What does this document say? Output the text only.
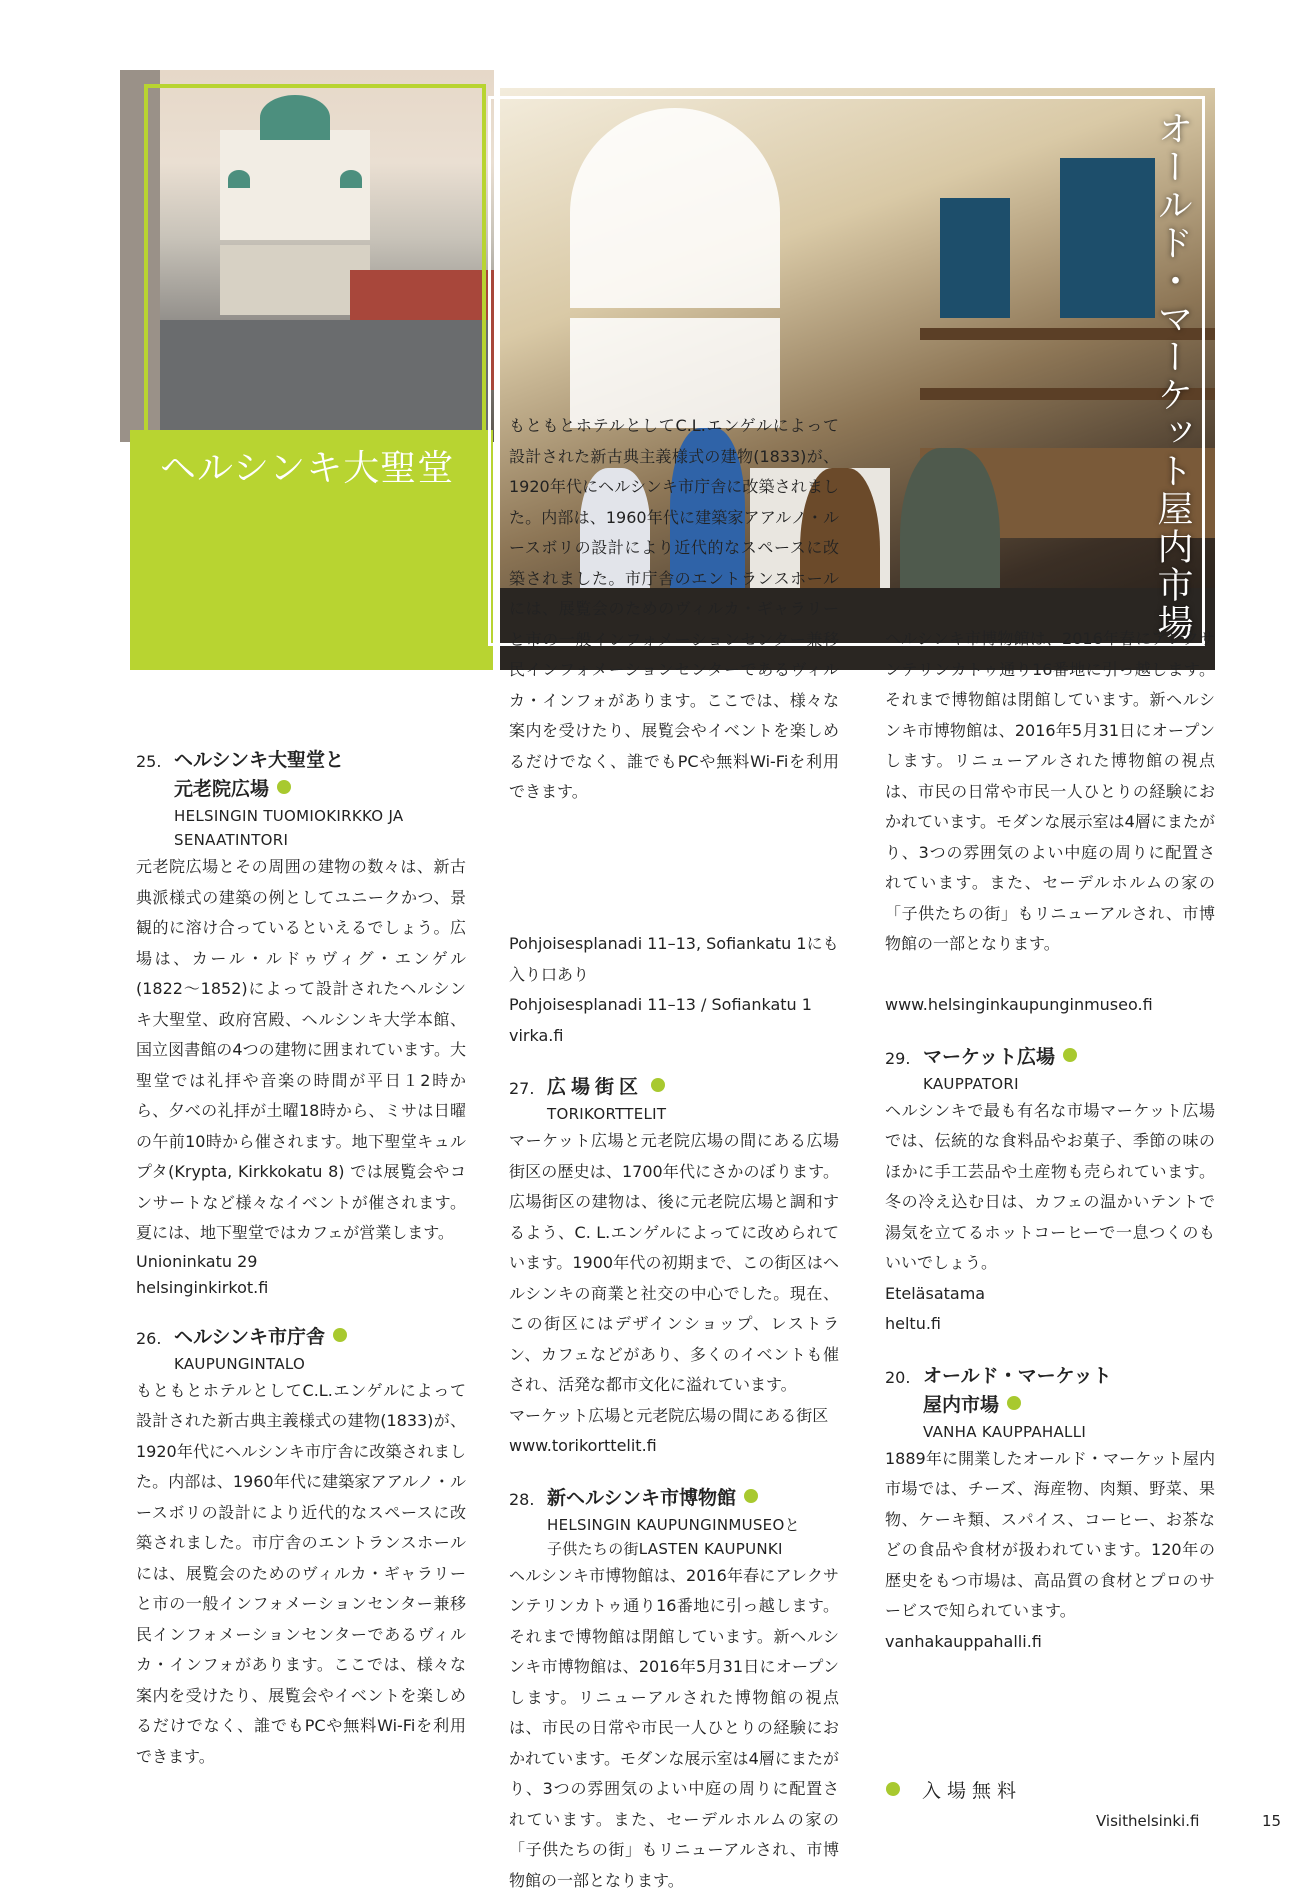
ヘルシンキ大聖堂	オールド・マーケット屋内市場
25. ヘルシンキ大聖堂と
元老院広場
HELSINGIN TUOMIOKIRKKO JA
SENAATINTORI
元老院広場とその周囲の建物の数々は、新古典派様式の建築の例としてユニークかつ、景観的に溶け合っているといえるでしょう。広場は、カール・ルドゥヴィグ・エンゲル(1822〜1852)によって設計されたヘルシンキ大聖堂、政府宮殿、ヘルシンキ大学本館、国立図書館の4つの建物に囲まれています。大聖堂では礼拝や音楽の時間が平日１2時から、夕べの礼拝が土曜18時から、ミサは日曜の午前10時から催されます。地下聖堂キュルプタ(Krypta, Kirkkokatu 8) では展覧会やコンサートなど様々なイベントが催されます。夏には、地下聖堂ではカフェが営業します。
Unioninkatu 29
helsinginkirkot.fi
26. ヘルシンキ市庁舎
KAUPUNGINTALO
もともとホテルとしてC.L.エンゲルによって設計された新古典主義様式の建物(1833)が、1920年代にヘルシンキ市庁舎に改築されました。内部は、1960年代に建築家アアルノ・ルースボリの設計により近代的なスペースに改築されました。市庁舎のエントランスホールには、展覧会のためのヴィルカ・ギャラリーと市の一般インフォメーションセンター兼移民インフォメーションセンターであるヴィルカ・インフォがあります。ここでは、様々な案内を受けたり、展覧会やイベントを楽しめるだけでなく、誰でもPCや無料Wi-Fiを利用できます。
もともとホテルとしてC.L.エンゲルによって設計された新古典主義様式の建物(1833)が、1920年代にヘルシンキ市庁舎に改築されました。内部は、1960年代に建築家アアルノ・ルースボリの設計により近代的なスペースに改築されました。市庁舎のエントランスホールには、展覧会のためのヴィルカ・ギャラリーと市の一般インフォメーションセンター兼移民インフォメーションセンターであるヴィルカ・インフォがあります。ここでは、様々な案内を受けたり、展覧会やイベントを楽しめるだけでなく、誰でもPCや無料Wi-Fiを利用できます。
Pohjoisesplanadi 11–13, Sofiankatu 1にも入り口あり
Pohjoisesplanadi 11–13 / Sofiankatu 1
virka.fi
27. 広場街区
TORIKORTTELIT
マーケット広場と元老院広場の間にある広場街区の歴史は、1700年代にさかのぼります。広場街区の建物は、後に元老院広場と調和するよう、C. L.エンゲルによってに改められています。1900年代の初期まで、この街区はヘルシンキの商業と社交の中心でした。現在、この街区にはデザインショップ、レストラン、カフェなどがあり、多くのイベントも催され、活発な都市文化に溢れています。
マーケット広場と元老院広場の間にある街区
www.torikorttelit.fi
28. 新ヘルシンキ市博物館
HELSINGIN KAUPUNGINMUSEOと
子供たちの街LASTEN KAUPUNKI
ヘルシンキ市博物館は、2016年春にアレクサンテリンカトゥ通り16番地に引っ越します。それまで博物館は閉館しています。新ヘルシンキ市博物館は、2016年5月31日にオープンします。リニューアルされた博物館の視点は、市民の日常や市民一人ひとりの経験におかれています。モダンな展示室は4層にまたがり、3つの雰囲気のよい中庭の周りに配置されています。また、セーデルホルムの家の「子供たちの街」もリニューアルされ、市博物館の一部となります。
ヘルシンキ市博物館は、2016年春にアレクサンテリンカトゥ通り16番地に引っ越します。それまで博物館は閉館しています。新ヘルシンキ市博物館は、2016年5月31日にオープンします。リニューアルされた博物館の視点は、市民の日常や市民一人ひとりの経験におかれています。モダンな展示室は4層にまたがり、3つの雰囲気のよい中庭の周りに配置されています。また、セーデルホルムの家の「子供たちの街」もリニューアルされ、市博物館の一部となります。
www.helsinginkaupunginmuseo.fi
29. マーケット広場
KAUPPATORI
ヘルシンキで最も有名な市場マーケット広場では、伝統的な食料品やお菓子、季節の味のほかに手工芸品や土産物も売られています。冬の冷え込む日は、カフェの温かいテントで湯気を立てるホットコーヒーで一息つくのもいいでしょう。
Eteläsatama
heltu.fi
20. オールド・マーケット
屋内市場
VANHA KAUPPAHALLI
1889年に開業したオールド・マーケット屋内市場では、チーズ、海産物、肉類、野菜、果物、ケーキ類、スパイス、コーヒー、お茶などの食品や食材が扱われています。120年の歴史をもつ市場は、高品質の食材とプロのサービスで知られています。
vanhakauppahalli.fi
入場無料
Visithelsinki.fi	15
